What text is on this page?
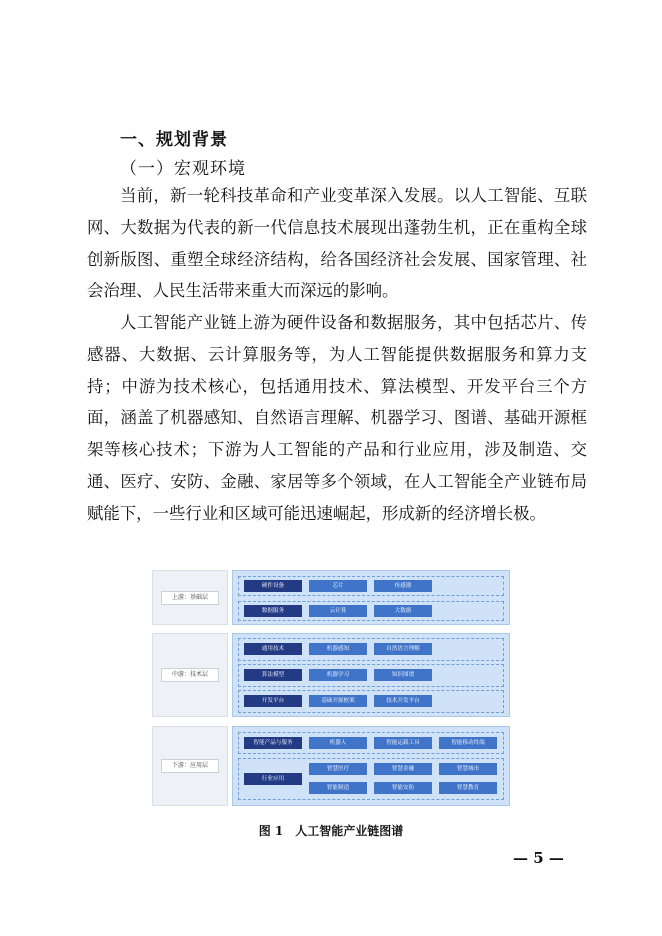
一、规划背景
（一）宏观环境

当前，新一轮科技革命和产业变革深入发展。以人工智能、互联网、大数据为代表的新一代信息技术展现出蓬勃生机，正在重构全球创新版图、重塑全球经济结构，给各国经济社会发展、国家管理、社会治理、人民生活带来重大而深远的影响。

人工智能产业链上游为硬件设备和数据服务，其中包括芯片、传感器、大数据、云计算服务等，为人工智能提供数据服务和算力支持；中游为技术核心，包括通用技术、算法模型、开发平台三个方面，涵盖了机器感知、自然语言理解、机器学习、图谱、基础开源框架等核心技术；下游为人工智能的产品和行业应用，涉及制造、交通、医疗、安防、金融、家居等多个领域，在人工智能全产业链布局赋能下，一些行业和区域可能迅速崛起，形成新的经济增长极。

上游：基础层
硬件设备	芯片	传感器
数据服务	云计算	大数据
中游：技术层
通用技术	机器感知	自然语言理解
算法模型	机器学习	知识图谱
开发平台	基础开源框架	技术开发平台
下游：应用层
智能产品与服务	机器人	智能运载工具	智能移动终端
行业应用
智慧医疗	智慧金融	智慧城市
智能制造	智能安防	智慧教育
图 1　人工智能产业链图谱
— 5 —
